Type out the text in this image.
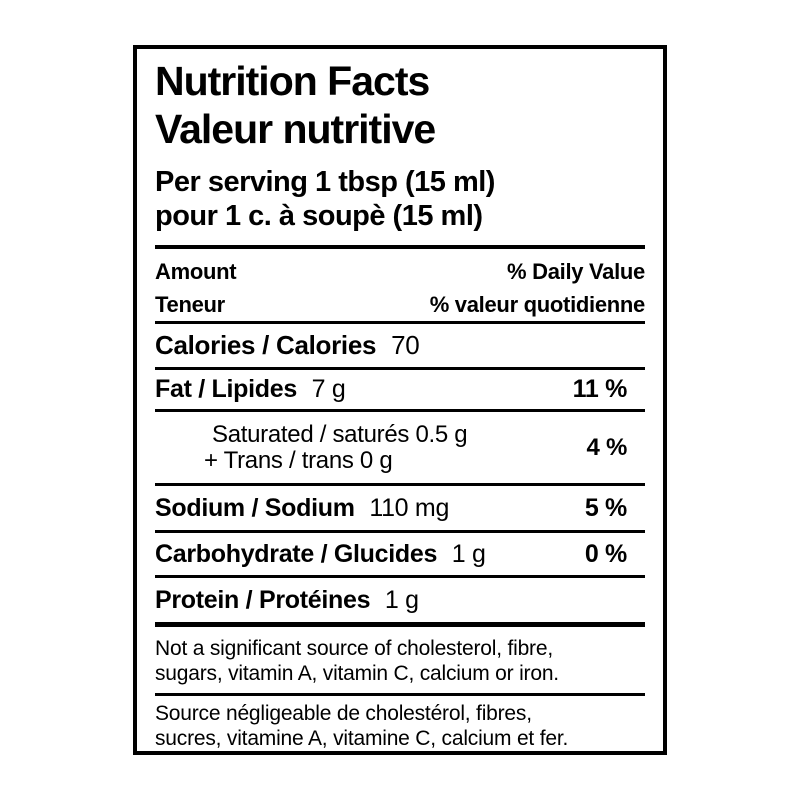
Nutrition Facts
Valeur nutritive
Per serving 1 tbsp (15 ml)
pour 1 c. à soupè (15 ml)
Amount	% Daily Value
Teneur	% valeur quotidienne
Calories / Calories 70
Fat / Lipides 7 g	11 %
Saturated / saturés 0.5 g
+ Trans / trans 0 g	4 %
Sodium / Sodium 110 mg	5 %
Carbohydrate / Glucides 1 g	0 %
Protein / Protéines 1 g
Not a significant source of cholesterol, fibre,
sugars, vitamin A, vitamin C, calcium or iron.
Source négligeable de cholestérol, fibres,
sucres, vitamine A, vitamine C, calcium et fer.
